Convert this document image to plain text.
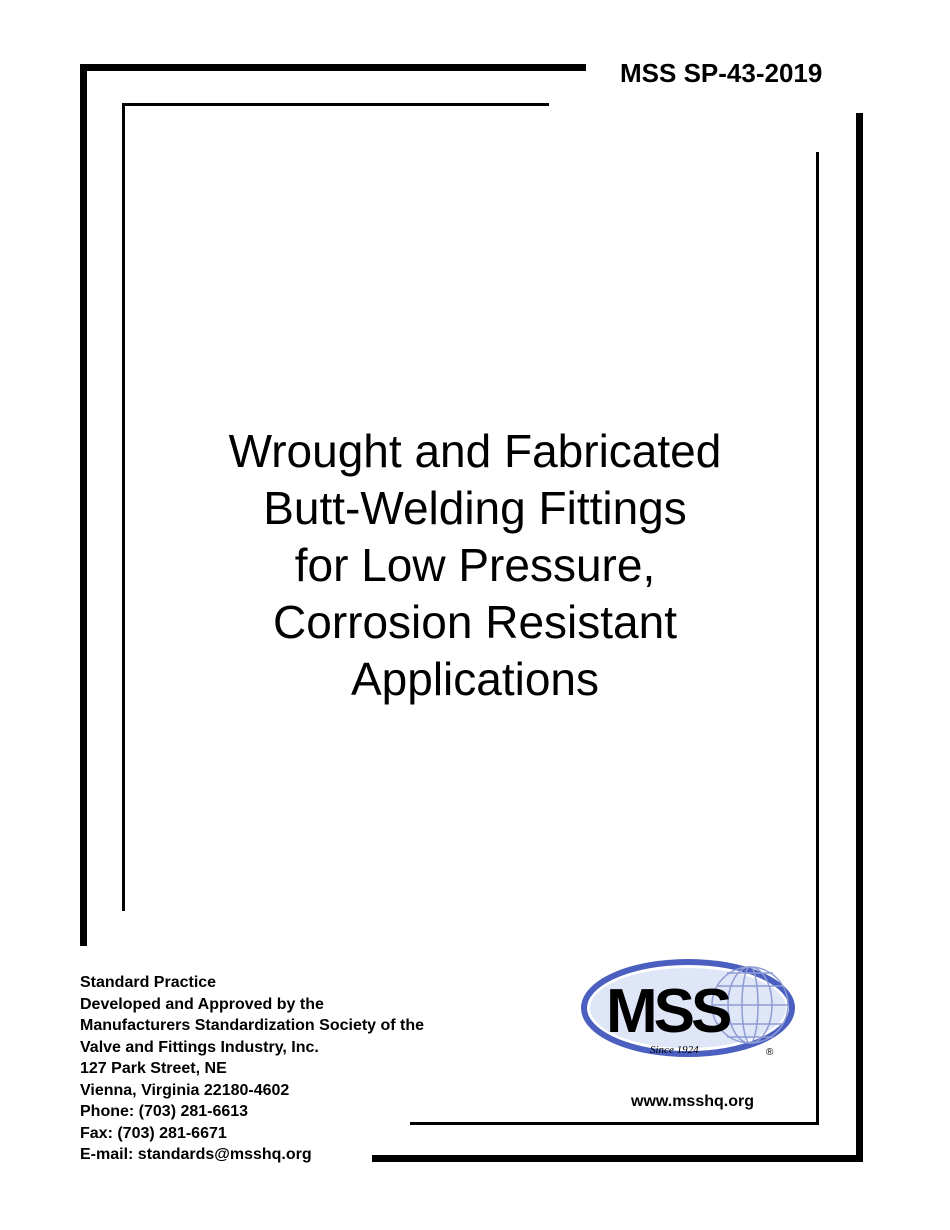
MSS SP-43-2019
Wrought and Fabricated
Butt-Welding Fittings
for Low Pressure,
Corrosion Resistant
Applications
Standard Practice
Developed and Approved by the
Manufacturers Standardization Society of the
Valve and Fittings Industry, Inc.
127 Park Street, NE
Vienna, Virginia 22180-4602
Phone: (703) 281-6613
Fax: (703) 281-6671
E-mail: standards@msshq.org
MSS
Since 1924	®
www.msshq.org
